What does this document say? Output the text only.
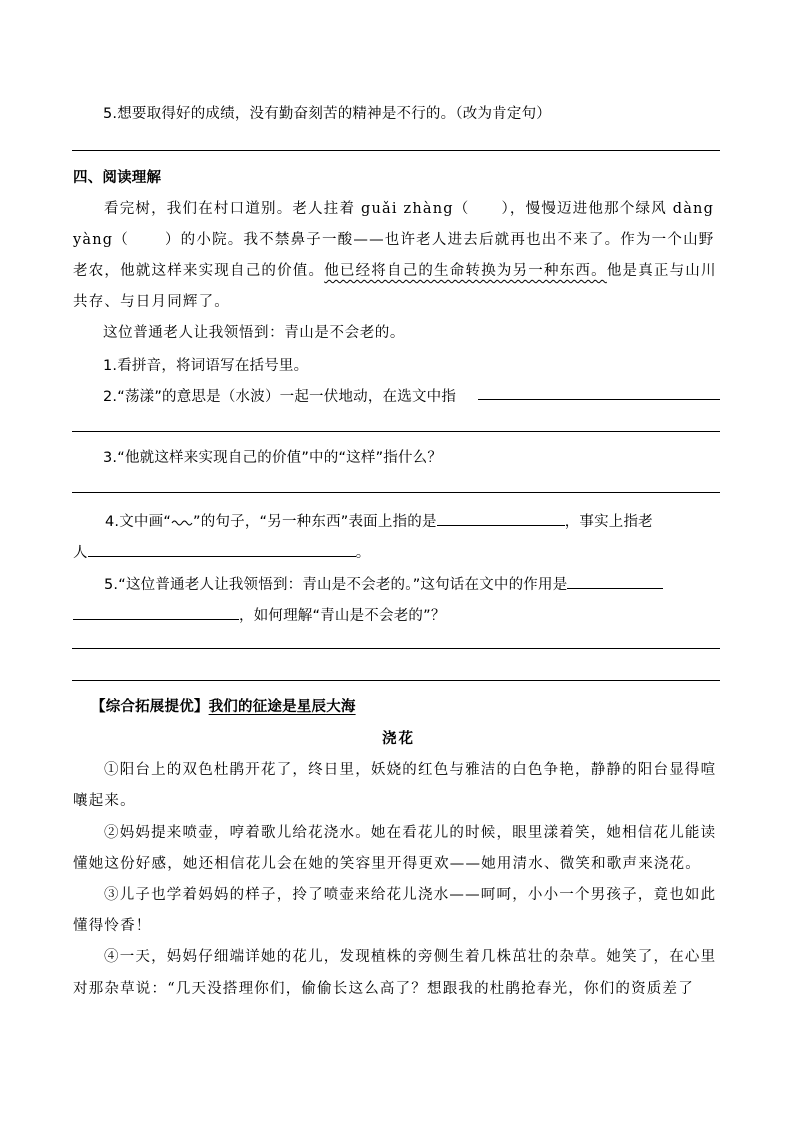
5.想要取得好的成绩，没有勤奋刻苦的精神是不行的。（改为肯定句）
四、阅读理解
看完树，我们在村口道别。老人拄着 guǎi zhàng（ ），慢慢迈进他那个绿风 dàng
yàng（ ）的小院。我不禁鼻子一酸——也许老人进去后就再也出不来了。作为一个山野
老农，他就这样来实现自己的价值。他已经将自己的生命转换为另一种东西。他是真正与山川
共存、与日月同辉了。
这位普通老人让我领悟到：青山是不会老的。
1.看拼音，将词语写在括号里。
2.“荡漾”的意思是（水波）一起一伏地动，在选文中指
3.“他就这样来实现自己的价值”中的“这样”指什么？
4.文中画“ ”的句子，“另一种东西”表面上指的是	，事实上指老
人	。
5.“这位普通老人让我领悟到：青山是不会老的。”这句话在文中的作用是
，如何理解“青山是不会老的”？
【综合拓展提优】我们的征途是星辰大海
浇花
①阳台上的双色杜鹃开花了，终日里，妖娆的红色与雅洁的白色争艳，静静的阳台显得喧
嚷起来。
②妈妈提来喷壶，哼着歌儿给花浇水。她在看花儿的时候，眼里漾着笑，她相信花儿能读
懂她这份好感，她还相信花儿会在她的笑容里开得更欢——她用清水、微笑和歌声来浇花。
③儿子也学着妈妈的样子，拎了喷壶来给花儿浇水——呵呵，小小一个男孩子，竟也如此
懂得怜香！
④一天，妈妈仔细端详她的花儿，发现植株的旁侧生着几株茁壮的杂草。她笑了，在心里
对那杂草说：“几天没搭理你们，偷偷长这么高了？想跟我的杜鹃抢春光，你们的资质差了
